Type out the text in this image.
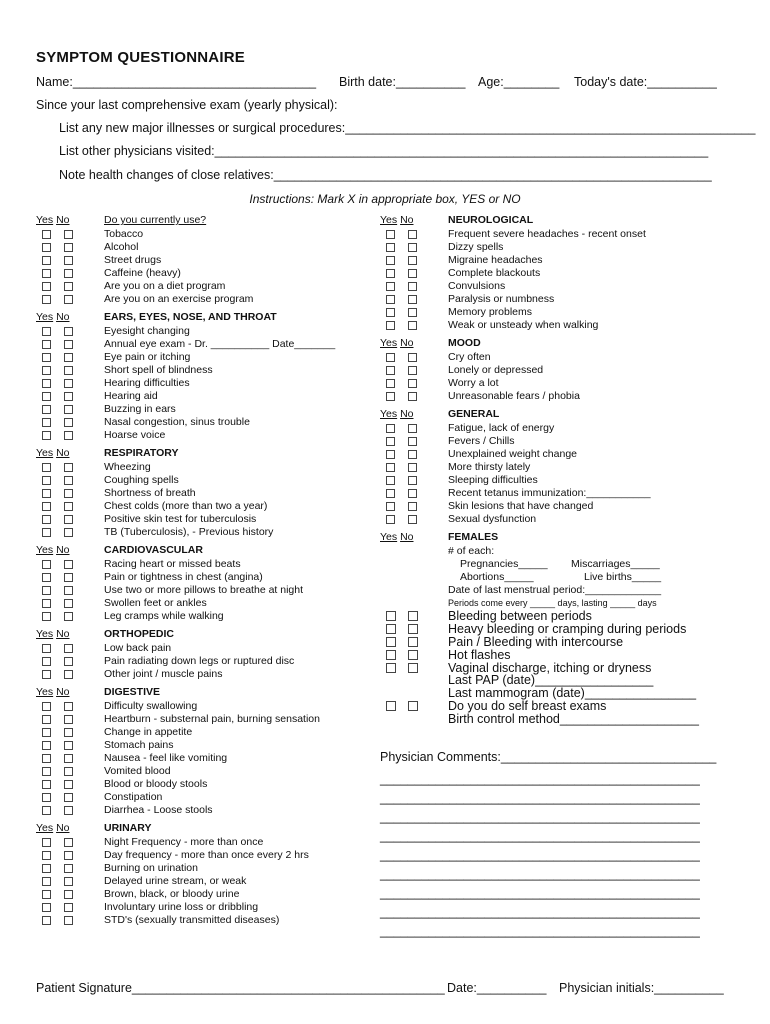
SYMPTOM QUESTIONNAIRE
Name:___________________________________ Birth date:__________ Age:________ Today's date:__________
Since your last comprehensive exam (yearly physical):
List any new major illnesses or surgical procedures:___________________________________________________________
List other physicians visited:_______________________________________________________________________
Note health changes of close relatives:_______________________________________________________________
Instructions: Mark X in appropriate box, YES or NO
Yes No	Do you currently use?
Tobacco
Alcohol
Street drugs
Caffeine (heavy)
Are you on a diet program
Are you on an exercise program
Yes No	EARS, EYES, NOSE, AND THROAT
Eyesight changing
Annual eye exam - Dr. __________ Date_______
Eye pain or itching
Short spell of blindness
Hearing difficulties
Hearing aid
Buzzing in ears
Nasal congestion, sinus trouble
Hoarse voice
Yes No	RESPIRATORY
Wheezing
Coughing spells
Shortness of breath
Chest colds (more than two a year)
Positive skin test for tuberculosis
TB (Tuberculosis), - Previous history
Yes No	CARDIOVASCULAR
Racing heart or missed beats
Pain or tightness in chest (angina)
Use two or more pillows to breathe at night
Swollen feet or ankles
Leg cramps while walking
Yes No	ORTHOPEDIC
Low back pain
Pain radiating down legs or ruptured disc
Other joint / muscle pains
Yes No	DIGESTIVE
Difficulty swallowing
Heartburn - substernal pain, burning sensation
Change in appetite
Stomach pains
Nausea - feel like vomiting
Vomited blood
Blood or bloody stools
Constipation
Diarrhea - Loose stools
Yes No	URINARY
Night Frequency - more than once
Day frequency - more than once every 2 hrs
Burning on urination
Delayed urine stream, or weak
Brown, black, or bloody urine
Involuntary urine loss or dribbling
STD's (sexually transmitted diseases)
Yes No	NEUROLOGICAL
Frequent severe headaches - recent onset
Dizzy spells
Migraine headaches
Complete blackouts
Convulsions
Paralysis or numbness
Memory problems
Weak or unsteady when walking
Yes No	MOOD
Cry often
Lonely or depressed
Worry a lot
Unreasonable fears / phobia
Yes No	GENERAL
Fatigue, lack of energy
Fevers / Chills
Unexplained weight change
More thirsty lately
Sleeping difficulties
Recent tetanus immunization:___________
Skin lesions that have changed
Sexual dysfunction
Yes No	FEMALES
# of each:
Pregnancies_____ Miscarriages_____
Abortions_____	Live births_____
Date of last menstrual period:_____________
Periods come every _____ days, lasting _____ days
Bleeding between periods
Heavy bleeding or cramping during periods
Pain / Bleeding with intercourse
Hot flashes
Vaginal discharge, itching or dryness
Last PAP (date)_________________
Last mammogram (date)________________
Do you do self breast exams
Birth control method____________________
Physician Comments:_______________________________
______________________________________________
______________________________________________
______________________________________________
______________________________________________
______________________________________________
______________________________________________
______________________________________________
______________________________________________
______________________________________________
Patient Signature_____________________________________________ Date:__________ Physician initials:__________
